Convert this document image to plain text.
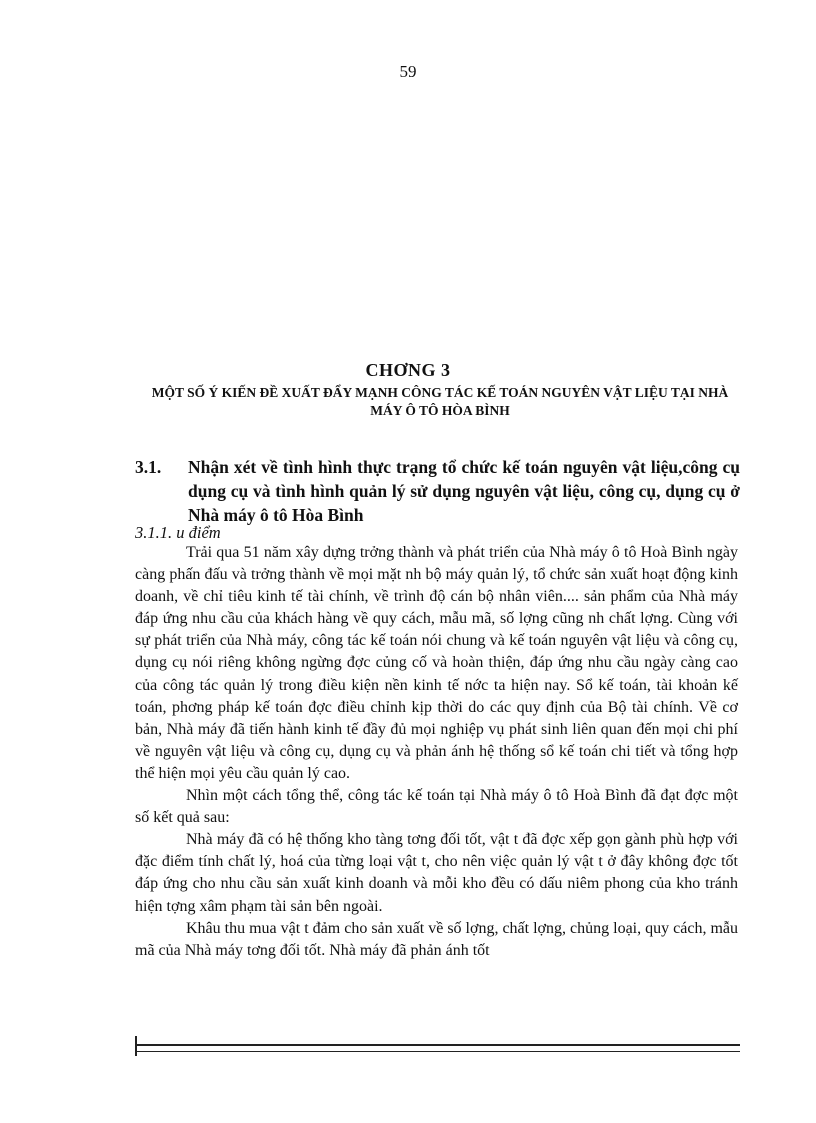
59
CHƠNG 3
MỘT SỐ Ý KIẾN ĐỀ XUẤT ĐẨY MẠNH CÔNG TÁC KẾ TOÁN NGUYÊN VẬT LIỆU TẠI NHÀ MÁY Ô TÔ HÒA BÌNH
3.1. Nhận xét về tình hình thực trạng tổ chức kế toán nguyên vật liệu,công cụ dụng cụ và tình hình quản lý sử dụng nguyên vật liệu, công cụ, dụng cụ ở Nhà máy ô tô Hòa Bình
3.1.1. u điểm

Trải qua 51 năm xây dựng trởng thành và phát triển của Nhà máy ô tô Hoà Bình ngày càng phấn đấu và trởng thành về mọi mặt nh bộ máy quản lý, tổ chức sản xuất hoạt động kinh doanh, về chỉ tiêu kinh tế tài chính, về trình độ cán bộ nhân viên.... sản phẩm của Nhà máy đáp ứng nhu cầu của khách hàng về quy cách, mẫu mã, số lợng cũng nh chất lợng. Cùng với sự phát triển của Nhà máy, công tác kế toán nói chung và kế toán nguyên vật liệu và công cụ, dụng cụ nói riêng không ngừng đợc củng cố và hoàn thiện, đáp ứng nhu cầu ngày càng cao của công tác quản lý trong điều kiện nền kinh tế nớc ta hiện nay. Sổ kế toán, tài khoản kế toán, phơng pháp kế toán đợc điều chỉnh kịp thời do các quy định của Bộ tài chính. Về cơ bản, Nhà máy đã tiến hành kinh tế đầy đủ mọi nghiệp vụ phát sinh liên quan đến mọi chi phí về nguyên vật liệu và công cụ, dụng cụ và phản ánh hệ thống sổ kế toán chi tiết và tổng hợp thể hiện mọi yêu cầu quản lý cao.

Nhìn một cách tổng thể, công tác kế toán tại Nhà máy ô tô Hoà Bình đã đạt đợc một số kết quả sau:

Nhà máy đã có hệ thống kho tàng tơng đối tốt, vật t đã đợc xếp gọn gành phù hợp với đặc điểm tính chất lý, hoá của từng loại vật t, cho nên việc quản lý vật t ở đây không đợc tốt đáp ứng cho nhu cầu sản xuất kinh doanh và mỗi kho đều có dấu niêm phong của kho tránh hiện tợng xâm phạm tài sản bên ngoài.

Khâu thu mua vật t đảm cho sản xuất về số lợng, chất lợng, chủng loại, quy cách, mẫu mã của Nhà máy tơng đối tốt. Nhà máy đã phản ánh tốt
